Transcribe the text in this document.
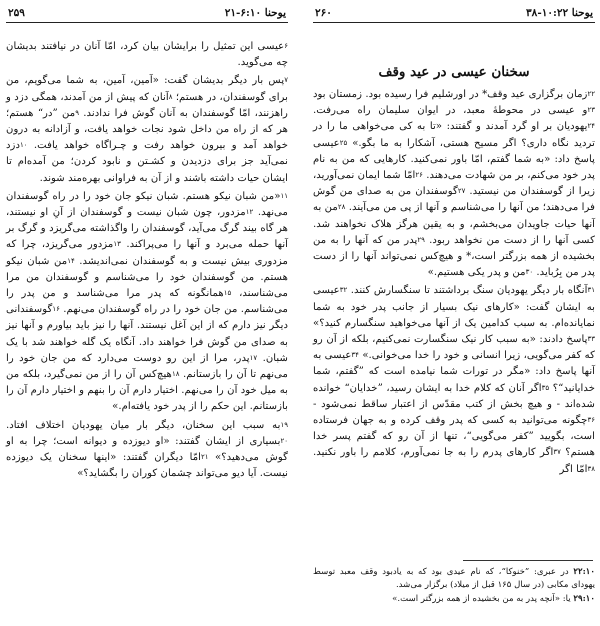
یوحنا ۶:۱۰-۲۱
۲۵۹

$^۶$عیسی این تمثیل را برایشان بیان کرد، امّا آنان در نیافتند بدیشان چه می‌گوید.

$^۷$پس بار دیگر بدیشان گفت: «آمین، آمین، به شما می‌گویم، من برای گوسفندان، در هستم؛ $^۸$آنان که پیش از من آمدند، همگی دزد و راهزنند، امّا گوسفندان به آنان گوش فرا ندادند. $^۹$من ”در“ هستم؛ هر که از راه من داخل شود نجات خواهد یافت، و آزادانه به درون خواهد آمد و بیرون خواهد رفت و چـراگاه خواهد یافت. $^{۱۰}$دزد نمی‌آید جز برای دزدیدن و کشـتن و نابود کردن؛ من آمده‌ام تا ایشان حیات داشته باشند و از آن به فراوانی بهره‌مند شوند.

$^{۱۱}$«من شبان نیکو هستم. شبان نیکو جان خود را در راه گوسفندان می‌نهد. $^{۱۲}$مزدور، چون شبان نیست و گوسفندان از آنِ او نیستند، هر گاه بیند گرگ می‌آید، گوسفندان را واگذاشته می‌گریزد و گرگ بر آنها حمله می‌برد و آنها را می‌پراکند. $^{۱۳}$مزدور می‌گریزد، چرا که مزدوری بیش نیست و به گوسفندان نمی‌اندیشد. $^{۱۴}$من شبان نیکو هستم. من گوسفندان خود را می‌شناسم و گوسفندان من مرا می‌شناسند، $^{۱۵}$همانگونه که پدر مرا می‌شناسد و من پدر را می‌شناسم. من جان خود را در راه گوسفندان می‌نهم. $^{۱۶}$گوسفندانی دیگر نیز دارم که از این آغل نیستند. آنها را نیز باید بیاورم و آنها نیز به صدای من گوش فرا خواهند داد. آنگاه یک گله خواهند شد با یک شبان. $^{۱۷}$پدر، مرا از این رو دوست می‌دارد که من جان خود را می‌نهم تا آن را بازستانم. $^{۱۸}$هیچ‌کس آن را از من نمی‌گیرد، بلکه من به میل خود آن را می‌نهم. اختیار دارم آن را بنهم و اختیار دارم آن را بازستانم. این حکم را از پدر خود یافته‌ام.»

$^{۱۹}$به سبب این سخنان، دیگر بار میان یهودیان اختلاف افتاد. $^{۲۰}$بسیاری از ایشان گفتند: «او دیوزده و دیوانه است؛ چرا به او گوش می‌دهید؟» $^{۲۱}$امّا دیگران گفتند: «اینها سخنان یک دیوزده نیست. آیا دیو می‌تواند چشمان کوران را بگشاید؟»

یوحنا ۱۰:۲۲-۳۸
۲۶۰
سخنان عیسی در عید وقف

$^{۲۲}$زمان برگزاری عید وقف* در اورشلیم فرا رسیده بود. زمستان بود $^{۲۳}$و عیسی در محوطهٔ معبد، در ایوان سلیمان راه می‌رفت. $^{۲۴}$یهودیان بر او گرد آمدند و گفتند: «تا به کی می‌خواهی ما را در تردید نگاه داری؟ اگر مسیح هستی، آشکارا به ما بگو.» $^{۲۵}$عیسی پاسخ داد: «به شما گفتم، امّا باور نمی‌کنید. کارهایی که من به نام پدر خود می‌کنم، بر من شهادت می‌دهند. $^{۲۶}$امّا شما ایمان نمی‌آورید، زیرا از گوسفندان من نیستید. $^{۲۷}$گوسفندان من به صدای من گوش فرا می‌دهند؛ من آنها را می‌شناسم و آنها از پی من می‌آیند. $^{۲۸}$من به آنها حیات جاویدان می‌بخشم، و به یقین هرگز هلاک نخواهند شد. کسی آنها را از دست من نخواهد ربود. $^{۲۹}$پدر من که آنها را به من بخشیده از همه بزرگتر است،* و هیچ‌کس نمی‌تواند آنها را از دست پدر من بِرُباید. $^{۳۰}$من و پدر یکی هستیم.»

$^{۳۱}$آنگاه بار دیگر یهودیان سنگ برداشتند تا سنگسارش کنند. $^{۳۲}$عیسی به ایشان گفت: «کارهای نیک بسیار از جانب پدر خود به شما نمایانده‌ام. به سبب کدامین یک از آنها می‌خواهید سنگسارم کنید؟» $^{۳۳}$پاسخ دادند: «به سبب کار نیک سنگسارت نمی‌کنیم، بلکه از آن رو که کفر می‌گویی، زیرا انسانی و خود را خدا می‌خوانی.» $^{۳۴}$عیسی به آنها پاسخ داد: «مگر در تورات شما نیامده است که ”گفتم، شما خدایانید“؟ $^{۳۵}$اگر آنان که کلام خدا به ایشان رسید، ”خدایان“ خوانده شده‌اند - و هیچ بخش از کتب مقدّس از اعتبار ساقط نمی‌شود - $^{۳۶}$چگونه می‌توانید به کسی که پدر وقف کرده و به جهان فرستاده است، بگویید ”کفر می‌گویی“، تنها از آن رو که گفتم پسر خدا هستم؟ $^{۳۷}$اگر کارهای پدرم را به جا نمی‌آورم، کلامم را باور نکنید. $^{۳۸}$امّا اگر

۲۲:۱۰ در عبری: ”خنوکا“، که نام عیدی بود که به یادبود وقف معبد توسط یهودای مکابی (در سال ۱۶۵ قبل از میلاد) برگزار می‌شد.

۲۹:۱۰ یا: «آنچه پدر به من بخشیده از همه بزرگتر است.»
